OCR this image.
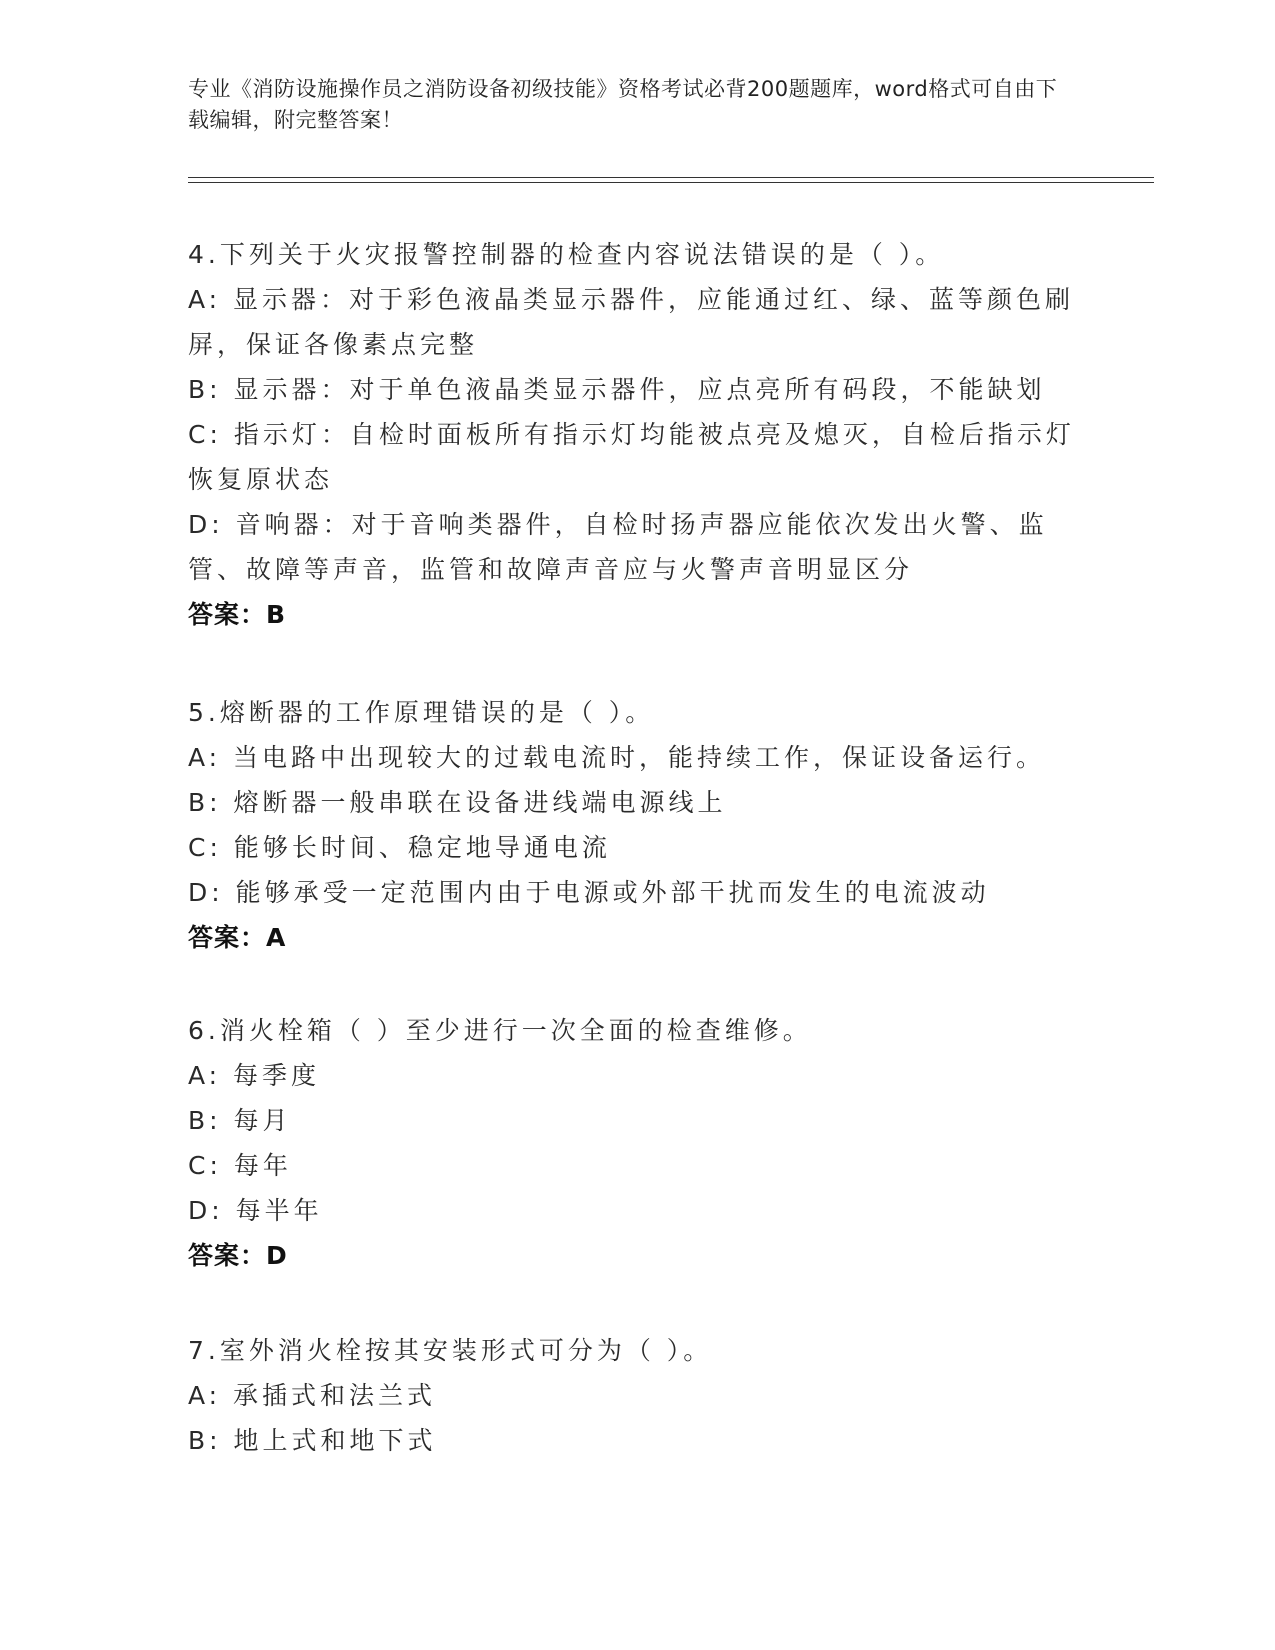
专业《消防设施操作员之消防设备初级技能》资格考试必背200题题库，word格式可自由下载编辑，附完整答案！
4.下列关于火灾报警控制器的检查内容说法错误的是（ ）。
A: 显示器：对于彩色液晶类显示器件，应能通过红、绿、蓝等颜色刷屏，保证各像素点完整
B: 显示器：对于单色液晶类显示器件，应点亮所有码段，不能缺划
C: 指示灯：自检时面板所有指示灯均能被点亮及熄灭，自检后指示灯恢复原状态
D: 音响器：对于音响类器件，自检时扬声器应能依次发出火警、监管、故障等声音，监管和故障声音应与火警声音明显区分
答案：B
5.熔断器的工作原理错误的是（ ）。
A: 当电路中出现较大的过载电流时，能持续工作，保证设备运行。
B: 熔断器一般串联在设备进线端电源线上
C: 能够长时间、稳定地导通电流
D: 能够承受一定范围内由于电源或外部干扰而发生的电流波动
答案：A
6.消火栓箱（ ）至少进行一次全面的检查维修。
A: 每季度
B: 每月
C: 每年
D: 每半年
答案：D
7.室外消火栓按其安装形式可分为（ ）。
A: 承插式和法兰式
B: 地上式和地下式
